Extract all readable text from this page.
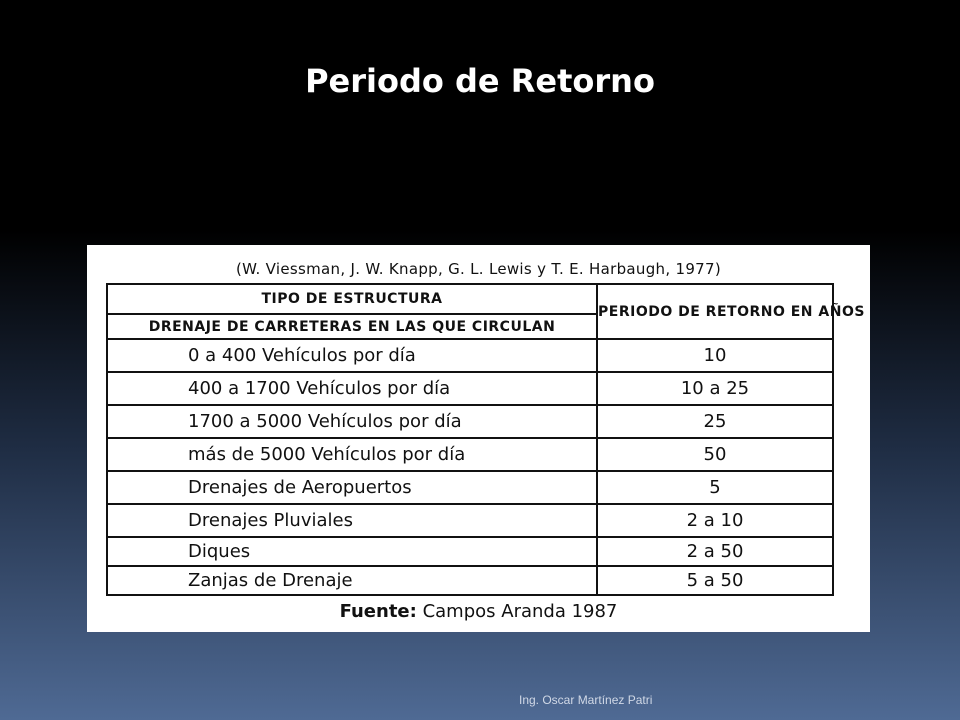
Periodo de Retorno
(W. Viessman, J. W. Knapp, G. L. Lewis y T. E. Harbaugh, 1977)
TIPO DE ESTRUCTURA	PERIODO DE RETORNO EN AÑOS
DRENAJE DE CARRETERAS EN LAS QUE CIRCULAN	
0 a 400 Vehículos por día	10
400 a 1700 Vehículos por día	10 a 25
1700 a 5000 Vehículos por día	25
más de 5000 Vehículos por día	50
Drenajes de Aeropuertos	5
Drenajes Pluviales	2 a 10
Diques	2 a 50
Zanjas de Drenaje	5 a 50
Fuente: Campos Aranda 1987
Ing. Oscar Martínez Patri
